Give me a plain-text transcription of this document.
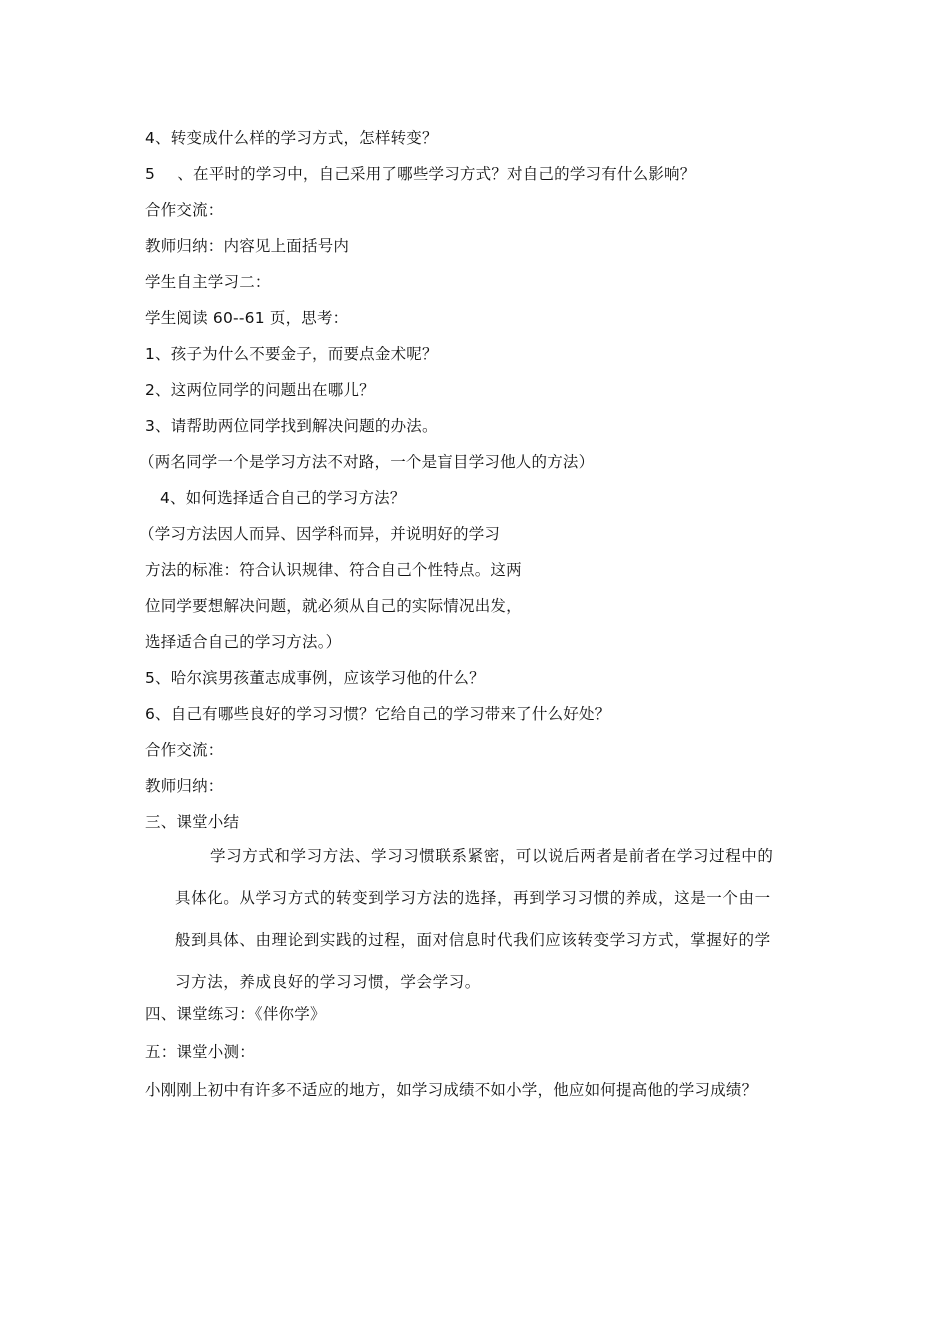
4、转变成什么样的学习方式，怎样转变？
5  、在平时的学习中，自己采用了哪些学习方式？对自己的学习有什么影响？
合作交流：
教师归纳：内容见上面括号内
学生自主学习二：
学生阅读 60--61 页，思考：
1、孩子为什么不要金子，而要点金术呢？
2、这两位同学的问题出在哪儿？
3、请帮助两位同学找到解决问题的办法。
（两名同学一个是学习方法不对路，一个是盲目学习他人的方法）
4、如何选择适合自己的学习方法？
（学习方法因人而异、因学科而异，并说明好的学习
方法的标准：符合认识规律、符合自己个性特点。这两
位同学要想解决问题，就必须从自己的实际情况出发，
选择适合自己的学习方法。）
5、哈尔滨男孩董志成事例，应该学习他的什么？
6、自己有哪些良好的学习习惯？它给自己的学习带来了什么好处？
合作交流：
教师归纳：
三、课堂小结
学习方式和学习方法、学习习惯联系紧密，可以说后两者是前者在学习过程中的
具体化。从学习方式的转变到学习方法的选择，再到学习习惯的养成，这是一个由一
般到具体、由理论到实践的过程，面对信息时代我们应该转变学习方式，掌握好的学
习方法，养成良好的学习习惯，学会学习。
四、课堂练习：《伴你学》
五：课堂小测：
小刚刚上初中有许多不适应的地方，如学习成绩不如小学，他应如何提高他的学习成绩？
